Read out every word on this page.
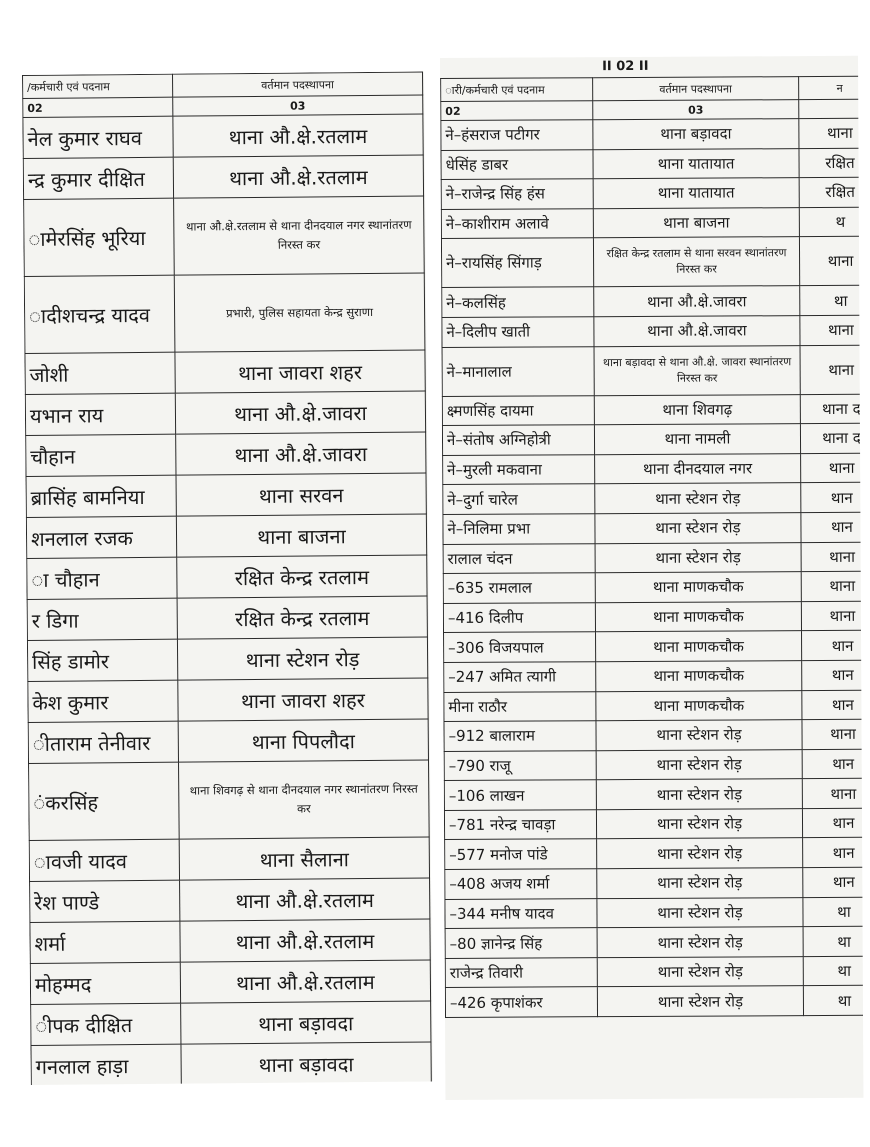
/कर्मचारी एवं पदनाम	वर्तमान पदस्थापना
02	03
नेल कुमार राघव	थाना औ.क्षे.रतलाम
न्द्र कुमार दीक्षित	थाना औ.क्षे.रतलाम
ामेरसिंह भूरिया	थाना औ.क्षे.रतलाम से थाना दीनदयाल नगर स्थानांतरण निरस्त कर
ादीशचन्द्र यादव	प्रभारी, पुलिस सहायता केन्द्र सुराणा
जोशी	थाना जावरा शहर
यभान राय	थाना औ.क्षे.जावरा
चौहान	थाना औ.क्षे.जावरा
ब्रासिंह बामनिया	थाना सरवन
शनलाल रजक	थाना बाजना
ा चौहान	रक्षित केन्द्र रतलाम
र डिगा	रक्षित केन्द्र रतलाम
सिंह डामोर	थाना स्टेशन रोड़
केश कुमार	थाना जावरा शहर
ीताराम तेनीवार	थाना पिपलौदा
ंकरसिंह	थाना शिवगढ़ से थाना दीनदयाल नगर स्थानांतरण निरस्त कर
ावजी यादव	थाना सैलाना
रेश पाण्डे	थाना औ.क्षे.रतलाम
शर्मा	थाना औ.क्षे.रतलाम
मोहम्मद	थाना औ.क्षे.रतलाम
ीपक दीक्षित	थाना बड़ावदा
गनलाल हाड़ा	थाना बड़ावदा
II 02 II
ारी/कर्मचारी एवं पदनाम	वर्तमान पदस्थापना	न
02	03	
ने–हंसराज पटीगर	थाना बड़ावदा	थाना
धेसिंह डाबर	थाना यातायात	रक्षित
ने–राजेन्द्र सिंह हंस	थाना यातायात	रक्षित
ने–काशीराम अलावे	थाना बाजना	थ
ने–रायसिंह सिंगाड़	रक्षित केन्द्र रतलाम से थाना सरवन स्थानांतरण निरस्त कर	थाना
ने–कलसिंह	थाना औ.क्षे.जावरा	था
ने–दिलीप खाती	थाना औ.क्षे.जावरा	थाना
ने–मानालाल	थाना बड़ावदा से थाना औ.क्षे. जावरा स्थानांतरण निरस्त कर	थाना
क्ष्मणसिंह दायमा	थाना शिवगढ़	थाना द
ने–संतोष अग्निहोत्री	थाना नामली	थाना द
ने–मुरली मकवाना	थाना दीनदयाल नगर	थाना
ने–दुर्गा चारेल	थाना स्टेशन रोड़	थान
ने–निलिमा प्रभा	थाना स्टेशन रोड़	थान
रालाल चंदन	थाना स्टेशन रोड़	थाना
–635 रामलाल	थाना माणकचौक	थाना
–416 दिलीप	थाना माणकचौक	थाना
–306 विजयपाल	थाना माणकचौक	थान
–247 अमित त्यागी	थाना माणकचौक	थान
मीना राठौर	थाना माणकचौक	थान
–912 बालाराम	थाना स्टेशन रोड़	थाना
–790 राजू	थाना स्टेशन रोड़	थान
–106 लाखन	थाना स्टेशन रोड़	थाना
–781 नरेन्द्र चावड़ा	थाना स्टेशन रोड़	थान
–577 मनोज पांडे	थाना स्टेशन रोड़	थान
–408 अजय शर्मा	थाना स्टेशन रोड़	थान
–344 मनीष यादव	थाना स्टेशन रोड़	था
–80 ज्ञानेन्द्र सिंह	थाना स्टेशन रोड़	था
राजेन्द्र तिवारी	थाना स्टेशन रोड़	था
–426 कृपाशंकर	थाना स्टेशन रोड़	था
